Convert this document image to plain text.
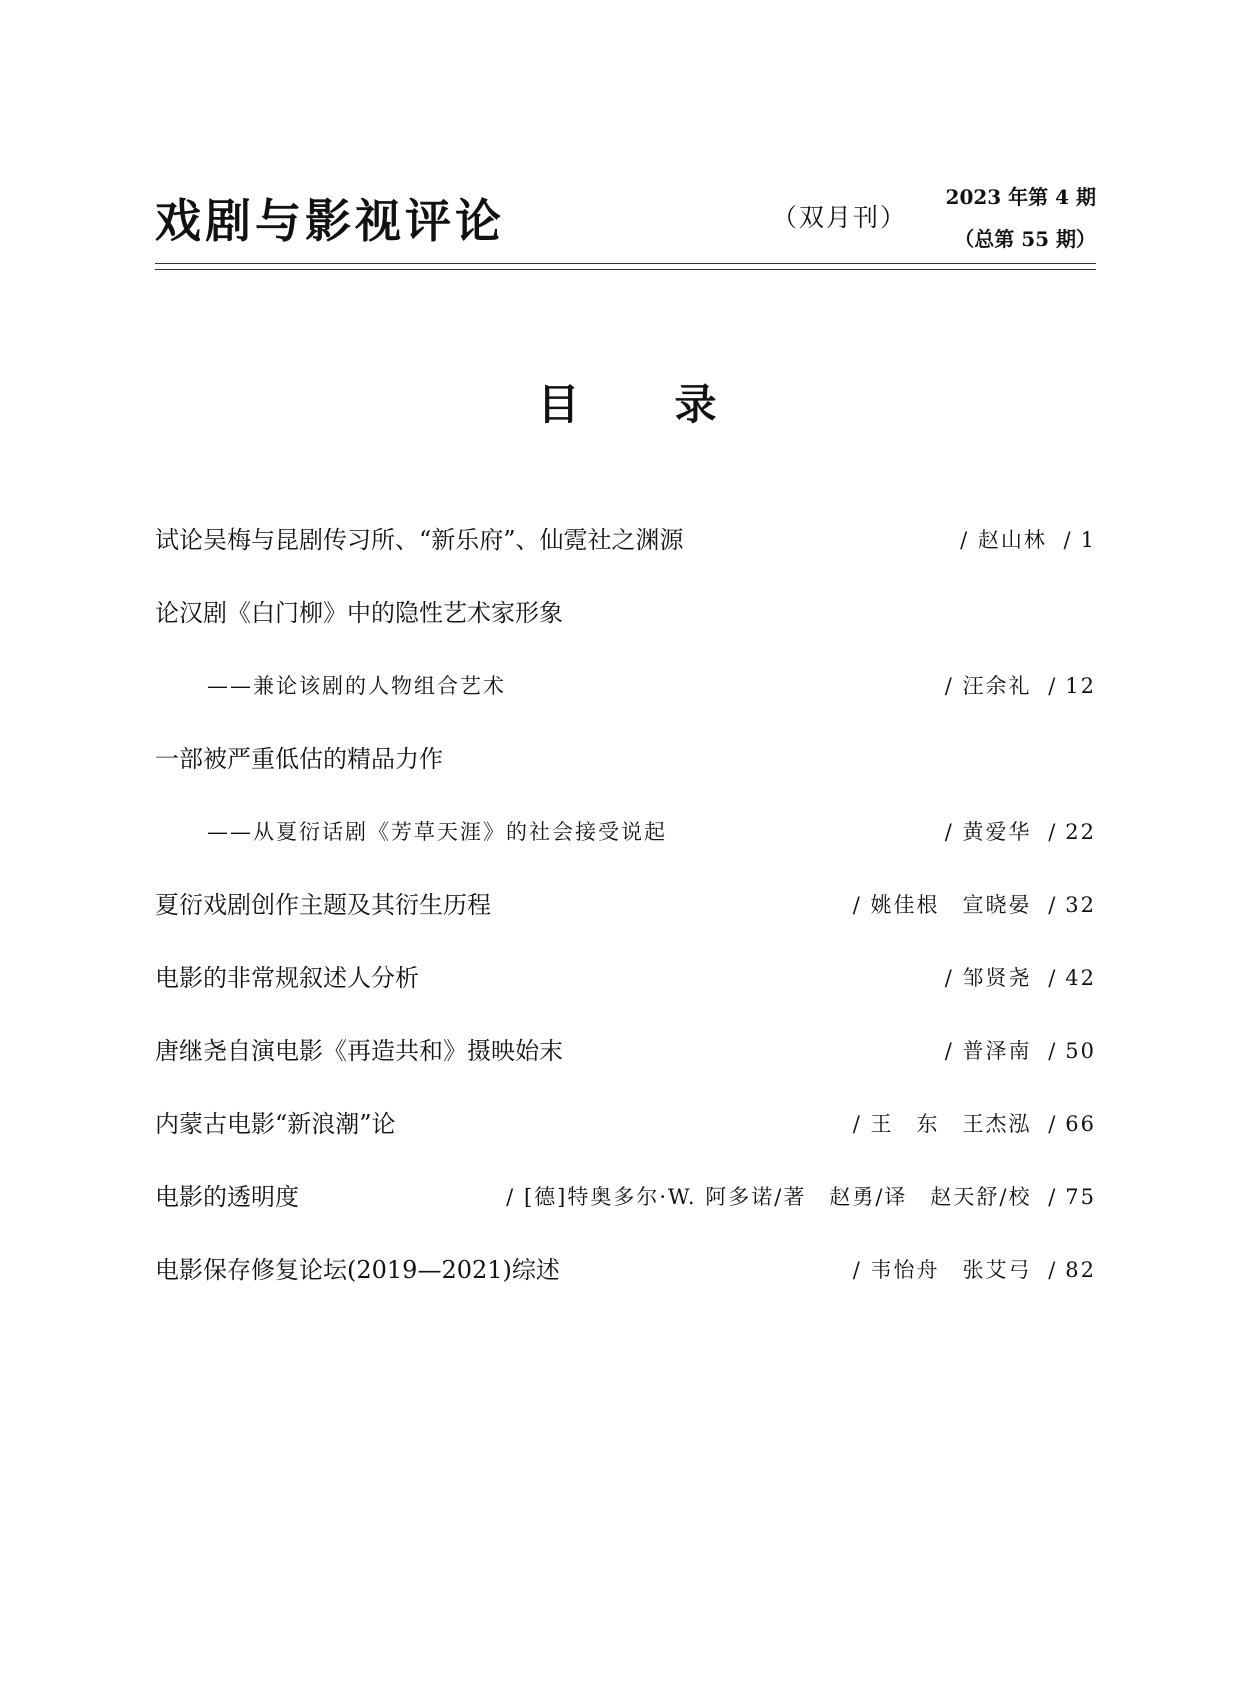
戏剧与影视评论	（双月刊）
2023 年第 4 期
（总第 55 期）
目 录
试论吴梅与昆剧传习所、“新乐府”、仙霓社之渊源	/ 赵山林 / 1
论汉剧《白门柳》中的隐性艺术家形象
——兼论该剧的人物组合艺术	/ 汪余礼 / 12
一部被严重低估的精品力作
——从夏衍话剧《芳草天涯》的社会接受说起	/ 黄爱华 / 22
夏衍戏剧创作主题及其衍生历程	/ 姚佳根　宣晓晏 / 32
电影的非常规叙述人分析	/ 邹贤尧 / 42
唐继尧自演电影《再造共和》摄映始末	/ 普泽南 / 50
内蒙古电影“新浪潮”论	/ 王　东　王杰泓 / 66
电影的透明度	/ [德]特奥多尔·W. 阿多诺/著　赵勇/译　赵天舒/校 / 75
电影保存修复论坛(2019—2021)综述	/ 韦怡舟　张艾弓 / 82
